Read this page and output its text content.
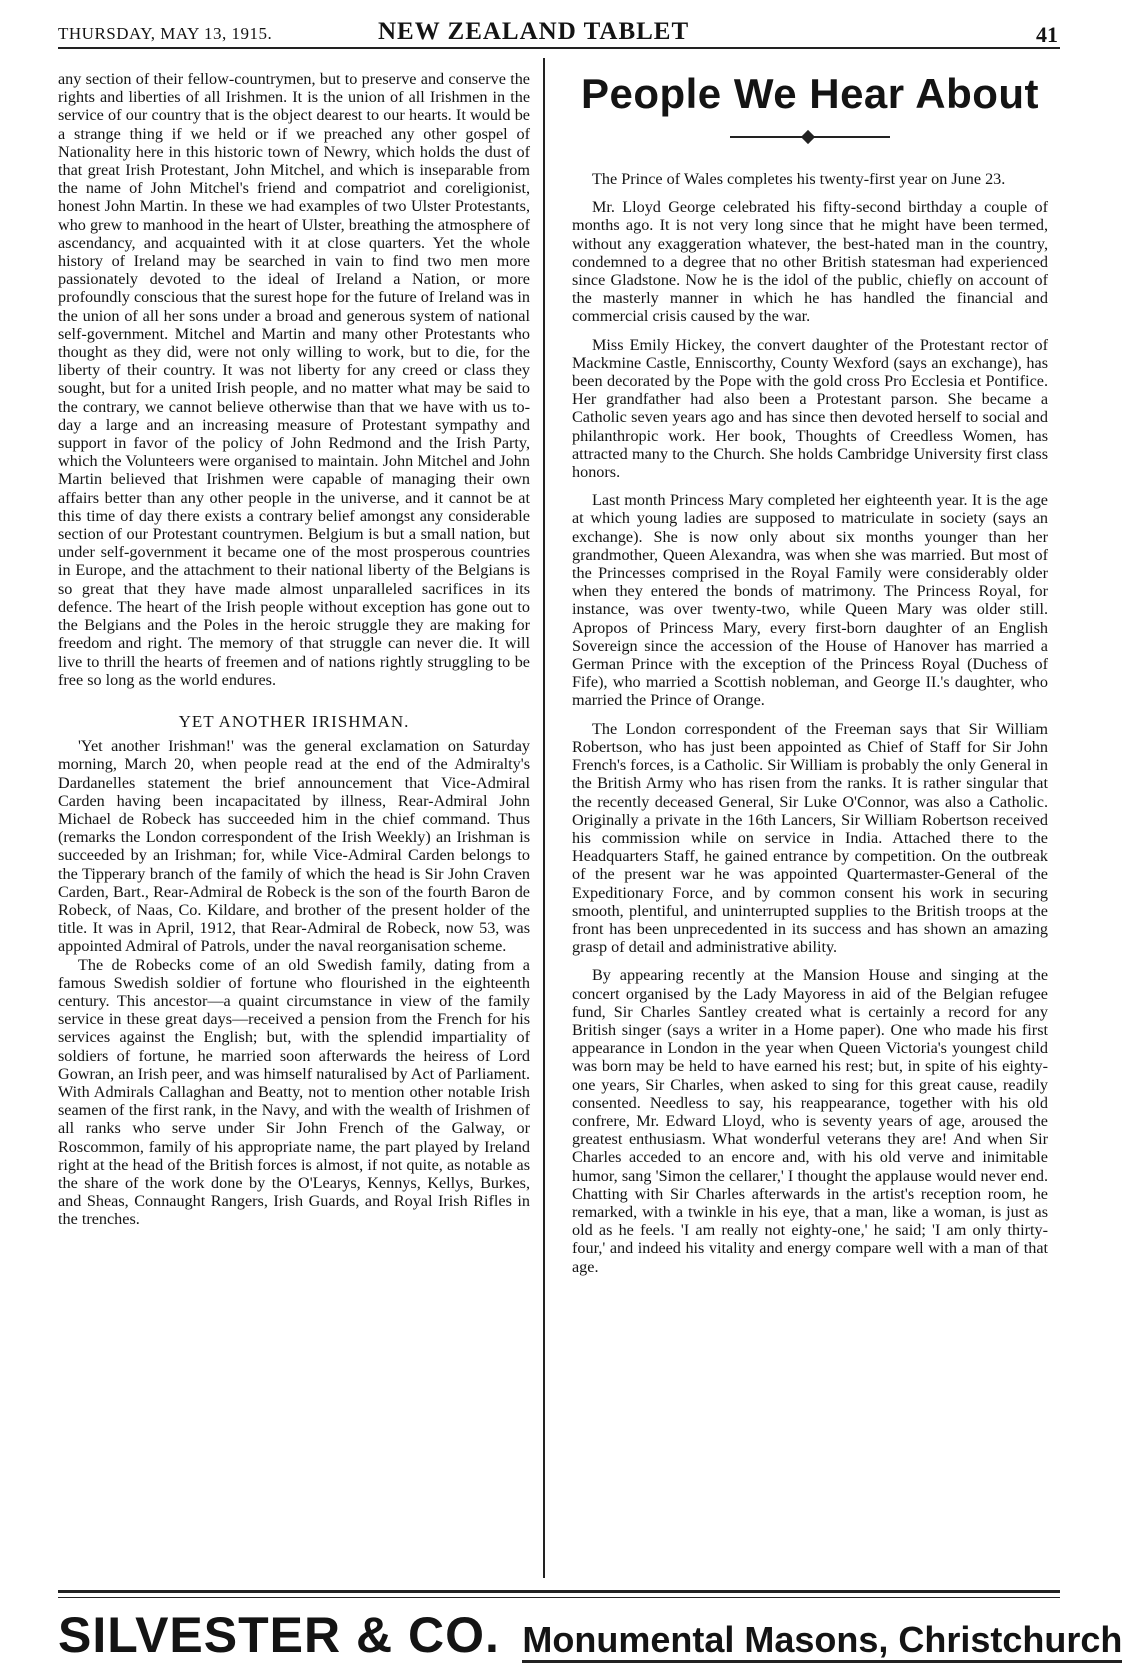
THURSDAY, MAY 13, 1915.	NEW ZEALAND TABLET	41

any section of their fellow-countrymen, but to preserve and conserve the rights and liberties of all Irishmen. It is the union of all Irishmen in the service of our country that is the object dearest to our hearts. It would be a strange thing if we held or if we preached any other gospel of Nationality here in this historic town of Newry, which holds the dust of that great Irish Protestant, John Mitchel, and which is inseparable from the name of John Mitchel's friend and compatriot and coreligionist, honest John Martin. In these we had examples of two Ulster Protestants, who grew to manhood in the heart of Ulster, breathing the atmosphere of ascendancy, and acquainted with it at close quarters. Yet the whole history of Ireland may be searched in vain to find two men more passionately devoted to the ideal of Ireland a Nation, or more profoundly conscious that the surest hope for the future of Ireland was in the union of all her sons under a broad and generous system of national self-government. Mitchel and Martin and many other Protestants who thought as they did, were not only willing to work, but to die, for the liberty of their country. It was not liberty for any creed or class they sought, but for a united Irish people, and no matter what may be said to the contrary, we cannot believe otherwise than that we have with us to-day a large and an increasing measure of Protestant sympathy and support in favor of the policy of John Redmond and the Irish Party, which the Volunteers were organised to maintain. John Mitchel and John Martin believed that Irishmen were capable of managing their own affairs better than any other people in the universe, and it cannot be at this time of day there exists a contrary belief amongst any considerable section of our Protestant countrymen. Belgium is but a small nation, but under self-government it became one of the most prosperous countries in Europe, and the attachment to their national liberty of the Belgians is so great that they have made almost unparalleled sacrifices in its defence. The heart of the Irish people without exception has gone out to the Belgians and the Poles in the heroic struggle they are making for freedom and right. The memory of that struggle can never die. It will live to thrill the hearts of freemen and of nations rightly struggling to be free so long as the world endures.

YET ANOTHER IRISHMAN.

'Yet another Irishman!' was the general exclamation on Saturday morning, March 20, when people read at the end of the Admiralty's Dardanelles statement the brief announcement that Vice-Admiral Carden having been incapacitated by illness, Rear-Admiral John Michael de Robeck has succeeded him in the chief command. Thus (remarks the London correspondent of the Irish Weekly) an Irishman is succeeded by an Irishman; for, while Vice-Admiral Carden belongs to the Tipperary branch of the family of which the head is Sir John Craven Carden, Bart., Rear-Admiral de Robeck is the son of the fourth Baron de Robeck, of Naas, Co. Kildare, and brother of the present holder of the title. It was in April, 1912, that Rear-Admiral de Robeck, now 53, was appointed Admiral of Patrols, under the naval reorganisation scheme.

The de Robecks come of an old Swedish family, dating from a famous Swedish soldier of fortune who flourished in the eighteenth century. This ancestor—a quaint circumstance in view of the family service in these great days—received a pension from the French for his services against the English; but, with the splendid impartiality of soldiers of fortune, he married soon afterwards the heiress of Lord Gowran, an Irish peer, and was himself naturalised by Act of Parliament. With Admirals Callaghan and Beatty, not to mention other notable Irish seamen of the first rank, in the Navy, and with the wealth of Irishmen of all ranks who serve under Sir John French of the Galway, or Roscommon, family of his appropriate name, the part played by Ireland right at the head of the British forces is almost, if not quite, as notable as the share of the work done by the O'Learys, Kennys, Kellys, Burkes, and Sheas, Connaught Rangers, Irish Guards, and Royal Irish Rifles in the trenches.

People We Hear About

The Prince of Wales completes his twenty-first year on June 23.

Mr. Lloyd George celebrated his fifty-second birthday a couple of months ago. It is not very long since that he might have been termed, without any exaggeration whatever, the best-hated man in the country, condemned to a degree that no other British statesman had experienced since Gladstone. Now he is the idol of the public, chiefly on account of the masterly manner in which he has handled the financial and commercial crisis caused by the war.

Miss Emily Hickey, the convert daughter of the Protestant rector of Mackmine Castle, Enniscorthy, County Wexford (says an exchange), has been decorated by the Pope with the gold cross Pro Ecclesia et Pontifice. Her grandfather had also been a Protestant parson. She became a Catholic seven years ago and has since then devoted herself to social and philanthropic work. Her book, Thoughts of Creedless Women, has attracted many to the Church. She holds Cambridge University first class honors.

Last month Princess Mary completed her eighteenth year. It is the age at which young ladies are supposed to matriculate in society (says an exchange). She is now only about six months younger than her grandmother, Queen Alexandra, was when she was married. But most of the Princesses comprised in the Royal Family were considerably older when they entered the bonds of matrimony. The Princess Royal, for instance, was over twenty-two, while Queen Mary was older still. Apropos of Princess Mary, every first-born daughter of an English Sovereign since the accession of the House of Hanover has married a German Prince with the exception of the Princess Royal (Duchess of Fife), who married a Scottish nobleman, and George II.'s daughter, who married the Prince of Orange.

The London correspondent of the Freeman says that Sir William Robertson, who has just been appointed as Chief of Staff for Sir John French's forces, is a Catholic. Sir William is probably the only General in the British Army who has risen from the ranks. It is rather singular that the recently deceased General, Sir Luke O'Connor, was also a Catholic. Originally a private in the 16th Lancers, Sir William Robertson received his commission while on service in India. Attached there to the Headquarters Staff, he gained entrance by competition. On the outbreak of the present war he was appointed Quartermaster-General of the Expeditionary Force, and by common consent his work in securing smooth, plentiful, and uninterrupted supplies to the British troops at the front has been unprecedented in its success and has shown an amazing grasp of detail and administrative ability.

By appearing recently at the Mansion House and singing at the concert organised by the Lady Mayoress in aid of the Belgian refugee fund, Sir Charles Santley created what is certainly a record for any British singer (says a writer in a Home paper). One who made his first appearance in London in the year when Queen Victoria's youngest child was born may be held to have earned his rest; but, in spite of his eighty-one years, Sir Charles, when asked to sing for this great cause, readily consented. Needless to say, his reappearance, together with his old confrere, Mr. Edward Lloyd, who is seventy years of age, aroused the greatest enthusiasm. What wonderful veterans they are! And when Sir Charles acceded to an encore and, with his old verve and inimitable humor, sang 'Simon the cellarer,' I thought the applause would never end. Chatting with Sir Charles afterwards in the artist's reception room, he remarked, with a twinkle in his eye, that a man, like a woman, is just as old as he feels. 'I am really not eighty-one,' he said; 'I am only thirty-four,' and indeed his vitality and energy compare well with a man of that age.

SILVESTER & CO. Monumental Masons, Christchurch
